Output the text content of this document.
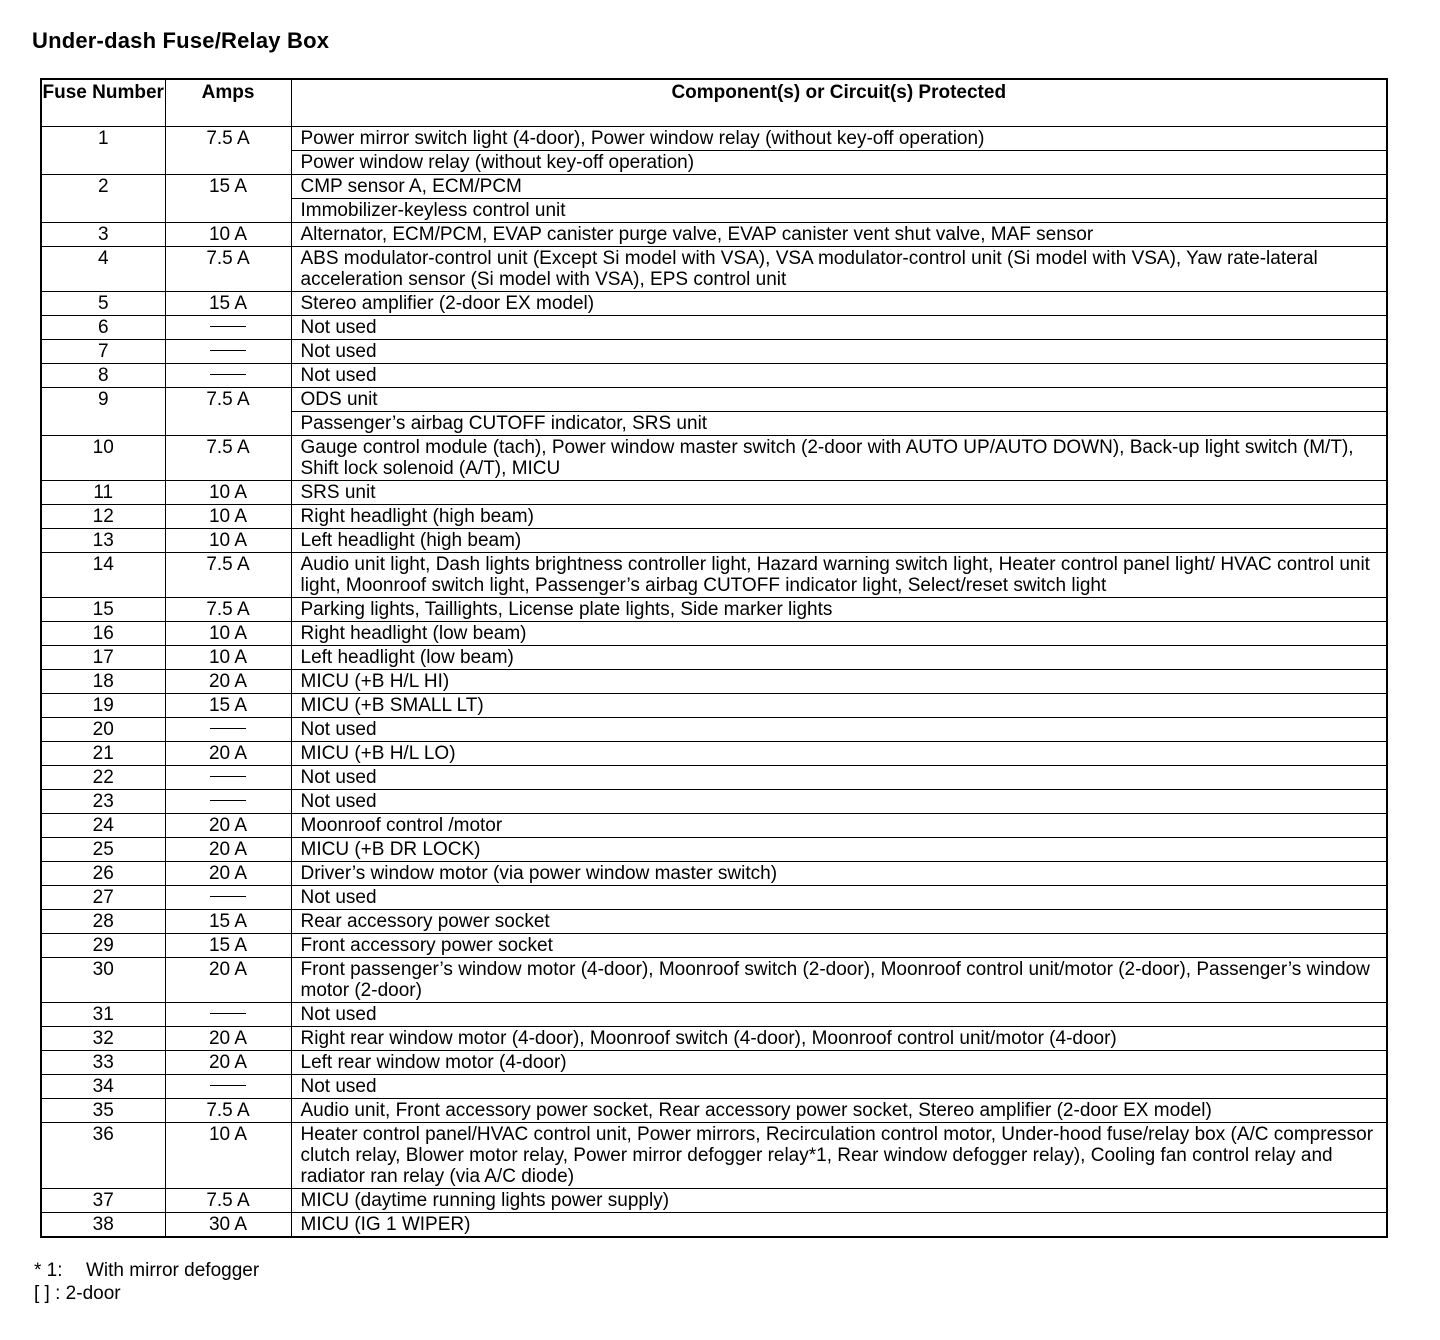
Under-dash Fuse/Relay Box
Fuse Number	Amps	Component(s) or Circuit(s) Protected
1	7.5 A	Power mirror switch light (4-door), Power window relay (without key-off operation)
		Power window relay (without key-off operation)
2	15 A	CMP sensor A, ECM/PCM
		Immobilizer-keyless control unit
3	10 A	Alternator, ECM/PCM, EVAP canister purge valve, EVAP canister vent shut valve, MAF sensor
4	7.5 A	ABS modulator-control unit (Except Si model with VSA), VSA modulator-control unit (Si model with VSA), Yaw rate-lateral acceleration sensor (Si model with VSA), EPS control unit
5	15 A	Stereo amplifier (2-door EX model)
6		Not used
7		Not used
8		Not used
9	7.5 A	ODS unit
		Passenger’s airbag CUTOFF indicator, SRS unit
10	7.5 A	Gauge control module (tach), Power window master switch (2-door with AUTO UP/AUTO DOWN), Back-up light switch (M/T), Shift lock solenoid (A/T), MICU
11	10 A	SRS unit
12	10 A	Right headlight (high beam)
13	10 A	Left headlight (high beam)
14	7.5 A	Audio unit light, Dash lights brightness controller light, Hazard warning switch light, Heater control panel light/ HVAC control unit light, Moonroof switch light, Passenger’s airbag CUTOFF indicator light, Select/reset switch light
15	7.5 A	Parking lights, Taillights, License plate lights, Side marker lights
16	10 A	Right headlight (low beam)
17	10 A	Left headlight (low beam)
18	20 A	MICU (+B H/L HI)
19	15 A	MICU (+B SMALL LT)
20		Not used
21	20 A	MICU (+B H/L LO)
22		Not used
23		Not used
24	20 A	Moonroof control /motor
25	20 A	MICU (+B DR LOCK)
26	20 A	Driver’s window motor (via power window master switch)
27		Not used
28	15 A	Rear accessory power socket
29	15 A	Front accessory power socket
30	20 A	Front passenger’s window motor (4-door), Moonroof switch (2-door), Moonroof control unit/motor (2-door), Passenger’s window motor (2-door)
31		Not used
32	20 A	Right rear window motor (4-door), Moonroof switch (4-door), Moonroof control unit/motor (4-door)
33	20 A	Left rear window motor (4-door)
34		Not used
35	7.5 A	Audio unit, Front accessory power socket, Rear accessory power socket, Stereo amplifier (2-door EX model)
36	10 A	Heater control panel/HVAC control unit, Power mirrors, Recirculation control motor, Under-hood fuse/relay box (A/C compressor clutch relay, Blower motor relay, Power mirror defogger relay*1, Rear window defogger relay), Cooling fan control relay and radiator ran relay (via A/C diode)
37	7.5 A	MICU (daytime running lights power supply)
38	30 A	MICU (IG 1 WIPER)
* 1:	With mirror defogger
[ ]
: 2-door
